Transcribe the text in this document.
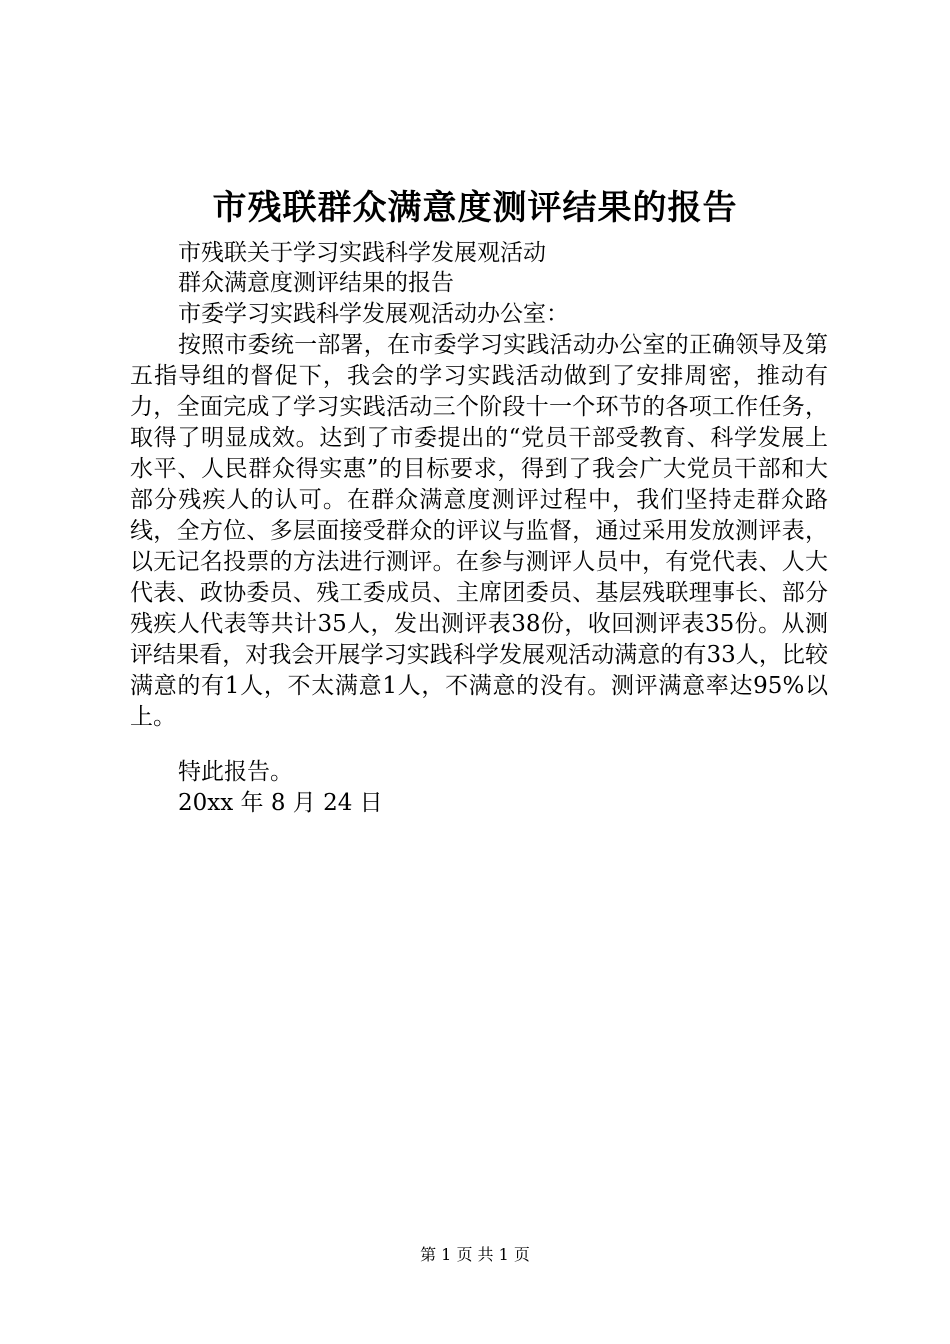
市残联群众满意度测评结果的报告
市残联关于学习实践科学发展观活动
群众满意度测评结果的报告
市委学习实践科学发展观活动办公室：
按照市委统一部署，在市委学习实践活动办公室的正确领导及第五指导组的督促下，我会的学习实践活动做到了安排周密，推动有力，全面完成了学习实践活动三个阶段十一个环节的各项工作任务，取得了明显成效。达到了市委提出的“党员干部受教育、科学发展上水平、人民群众得实惠”的目标要求，得到了我会广大党员干部和大部分残疾人的认可。在群众满意度测评过程中，我们坚持走群众路线，全方位、多层面接受群众的评议与监督，通过采用发放测评表，以无记名投票的方法进行测评。在参与测评人员中，有党代表、人大代表、政协委员、残工委成员、主席团委员、基层残联理事长、部分残疾人代表等共计35人，发出测评表38份，收回测评表35份。从测评结果看，对我会开展学习实践科学发展观活动满意的有33人，比较满意的有1人，不太满意1人，不满意的没有。测评满意率达95%以上。
特此报告。
20xx 年 8 月 24 日
第 1 页 共 1 页
